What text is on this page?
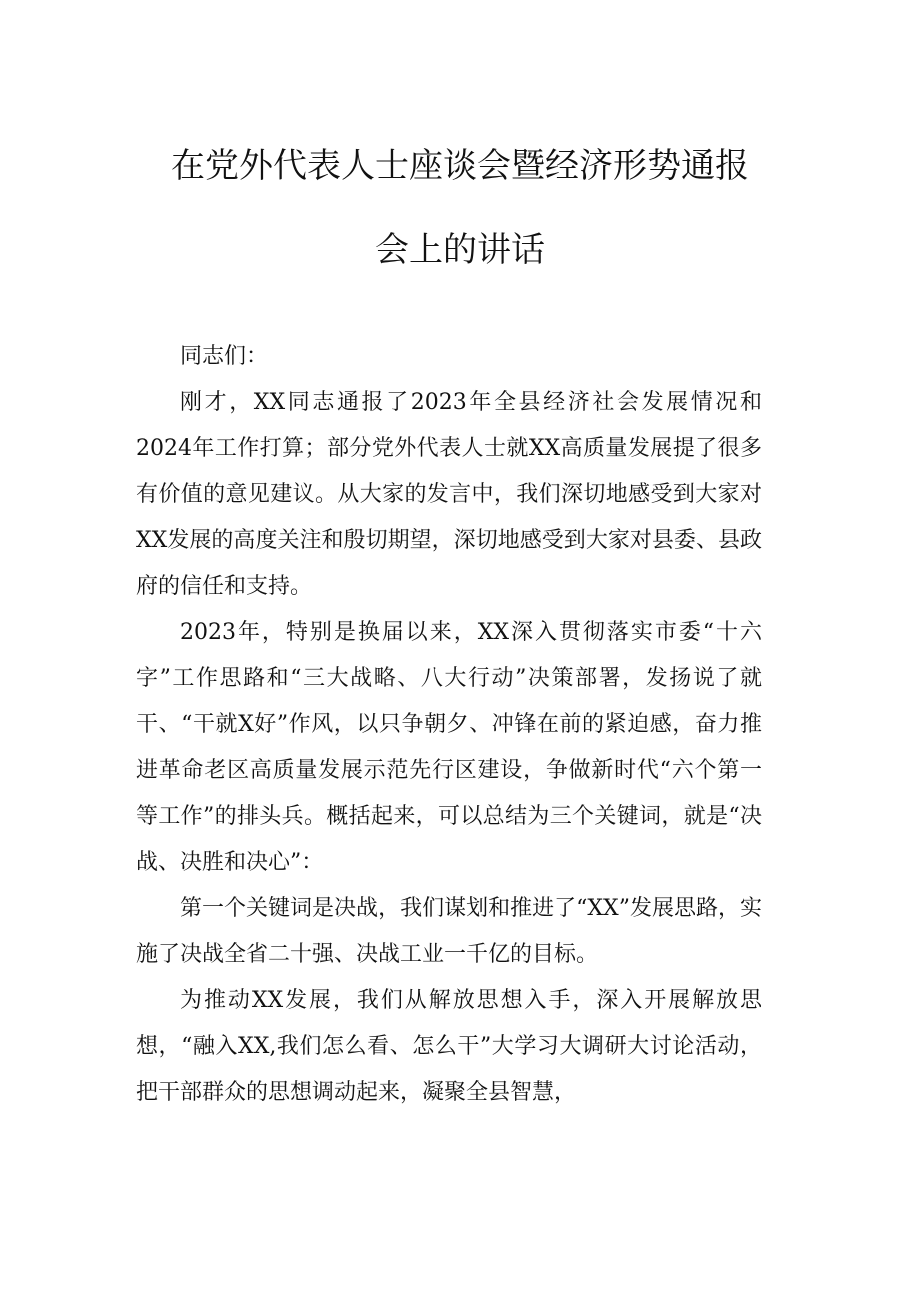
在党外代表人士座谈会暨经济形势通报
会上的讲话

同志们：

刚才，XX同志通报了2023年全县经济社会发展情况和2024年工作打算；部分党外代表人士就XX高质量发展提了很多有价值的意见建议。从大家的发言中，我们深切地感受到大家对XX发展的高度关注和殷切期望，深切地感受到大家对县委、县政府的信任和支持。

2023年，特别是换届以来，XX深入贯彻落实市委“十六字”工作思路和“三大战略、八大行动”决策部署，发扬说了就干、“干就X好”作风，以只争朝夕、冲锋在前的紧迫感，奋力推进革命老区高质量发展示范先行区建设，争做新时代“六个第一等工作”的排头兵。概括起来，可以总结为三个关键词，就是“决战、决胜和决心”：

第一个关键词是决战，我们谋划和推进了“XX”发展思路，实施了决战全省二十强、决战工业一千亿的目标。

为推动XX发展，我们从解放思想入手，深入开展解放思想，“融入XX,我们怎么看、怎么干”大学习大调研大讨论活动，把干部群众的思想调动起来，凝聚全县智慧，
